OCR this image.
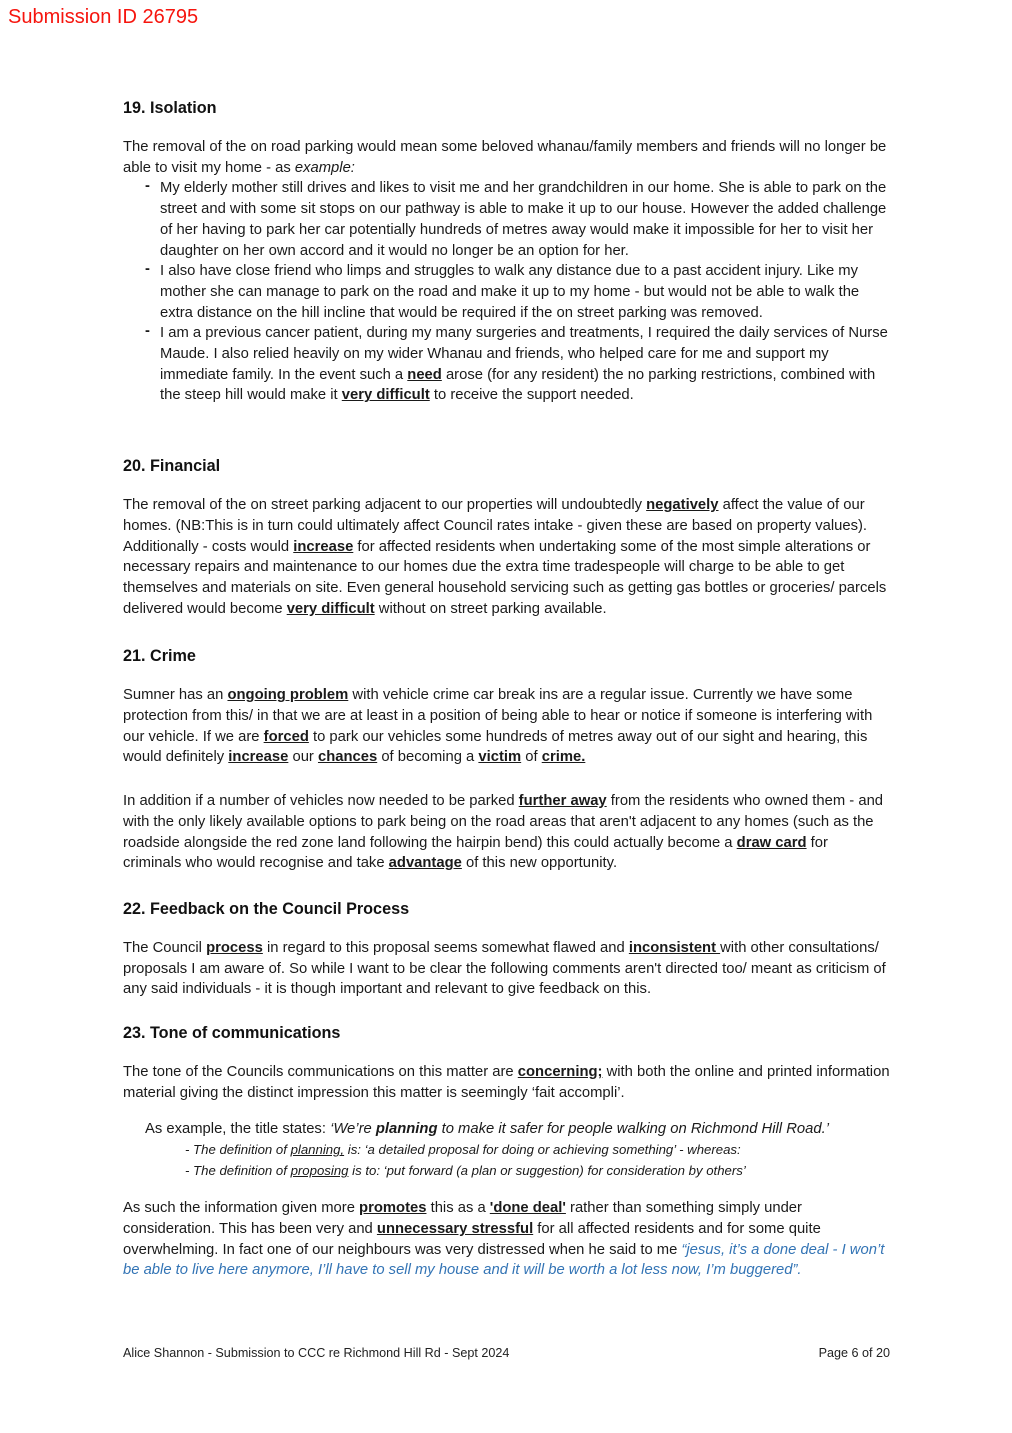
Submission ID 26795
19. Isolation

The removal of the on road parking would mean some beloved whanau/family members and friends will no longer be able to visit my home - as example:

- My elderly mother still drives and likes to visit me and her grandchildren in our home. She is able to park on the street and with some sit stops on our pathway is able to make it up to our house. However the added challenge of her having to park her car potentially hundreds of metres away would make it impossible for her to visit her daughter on her own accord and it would no longer be an option for her.
- I also have close friend who limps and struggles to walk any distance due to a past accident injury. Like my mother she can manage to park on the road and make it up to my home - but would not be able to walk the extra distance on the hill incline that would be required if the on street parking was removed.
- I am a previous cancer patient, during my many surgeries and treatments, I required the daily services of Nurse Maude. I also relied heavily on my wider Whanau and friends, who helped care for me and support my immediate family. In the event such a need arose (for any resident) the no parking restrictions, combined with the steep hill would make it very difficult to receive the support needed.
20. Financial

The removal of the on street parking adjacent to our properties will undoubtedly negatively affect the value of our homes. (NB:This is in turn could ultimately affect Council rates intake - given these are based on property values). Additionally - costs would increase for affected residents when undertaking some of the most simple alterations or necessary repairs and maintenance to our homes due the extra time tradespeople will charge to be able to get themselves and materials on site. Even general household servicing such as getting gas bottles or groceries/ parcels delivered would become very difficult without on street parking available.

21. Crime

Sumner has an ongoing problem with vehicle crime car break ins are a regular issue. Currently we have some protection from this/ in that we are at least in a position of being able to hear or notice if someone is interfering with our vehicle. If we are forced to park our vehicles some hundreds of metres away out of our sight and hearing, this would definitely increase our chances of becoming a victim of crime.

In addition if a number of vehicles now needed to be parked further away from the residents who owned them - and with the only likely available options to park being on the road areas that aren't adjacent to any homes (such as the roadside alongside the red zone land following the hairpin bend) this could actually become a draw card for criminals who would recognise and take advantage of this new opportunity.

22. Feedback on the Council Process

The Council process in regard to this proposal seems somewhat flawed and inconsistent with other consultations/ proposals I am aware of. So while I want to be clear the following comments aren't directed too/ meant as criticism of any said individuals - it is though important and relevant to give feedback on this.

23. Tone of communications

The tone of the Councils communications on this matter are concerning; with both the online and printed information material giving the distinct impression this matter is seemingly ‘fait accompli’.

As example, the title states: ‘We’re planning to make it safer for people walking on Richmond Hill Road.’
- The definition of planning, is: ‘a detailed proposal for doing or achieving something’ - whereas:
- The definition of proposing is to: ‘put forward (a plan or suggestion) for consideration by others’

As such the information given more promotes this as a 'done deal' rather than something simply under consideration. This has been very and unnecessary stressful for all affected residents and for some quite overwhelming. In fact one of our neighbours was very distressed when he said to me “jesus, it’s a done deal - I won’t be able to live here anymore, I’ll have to sell my house and it will be worth a lot less now, I’m buggered”.

Alice Shannon - Submission to CCC re Richmond Hill Rd - Sept 2024	Page 6 of 20
